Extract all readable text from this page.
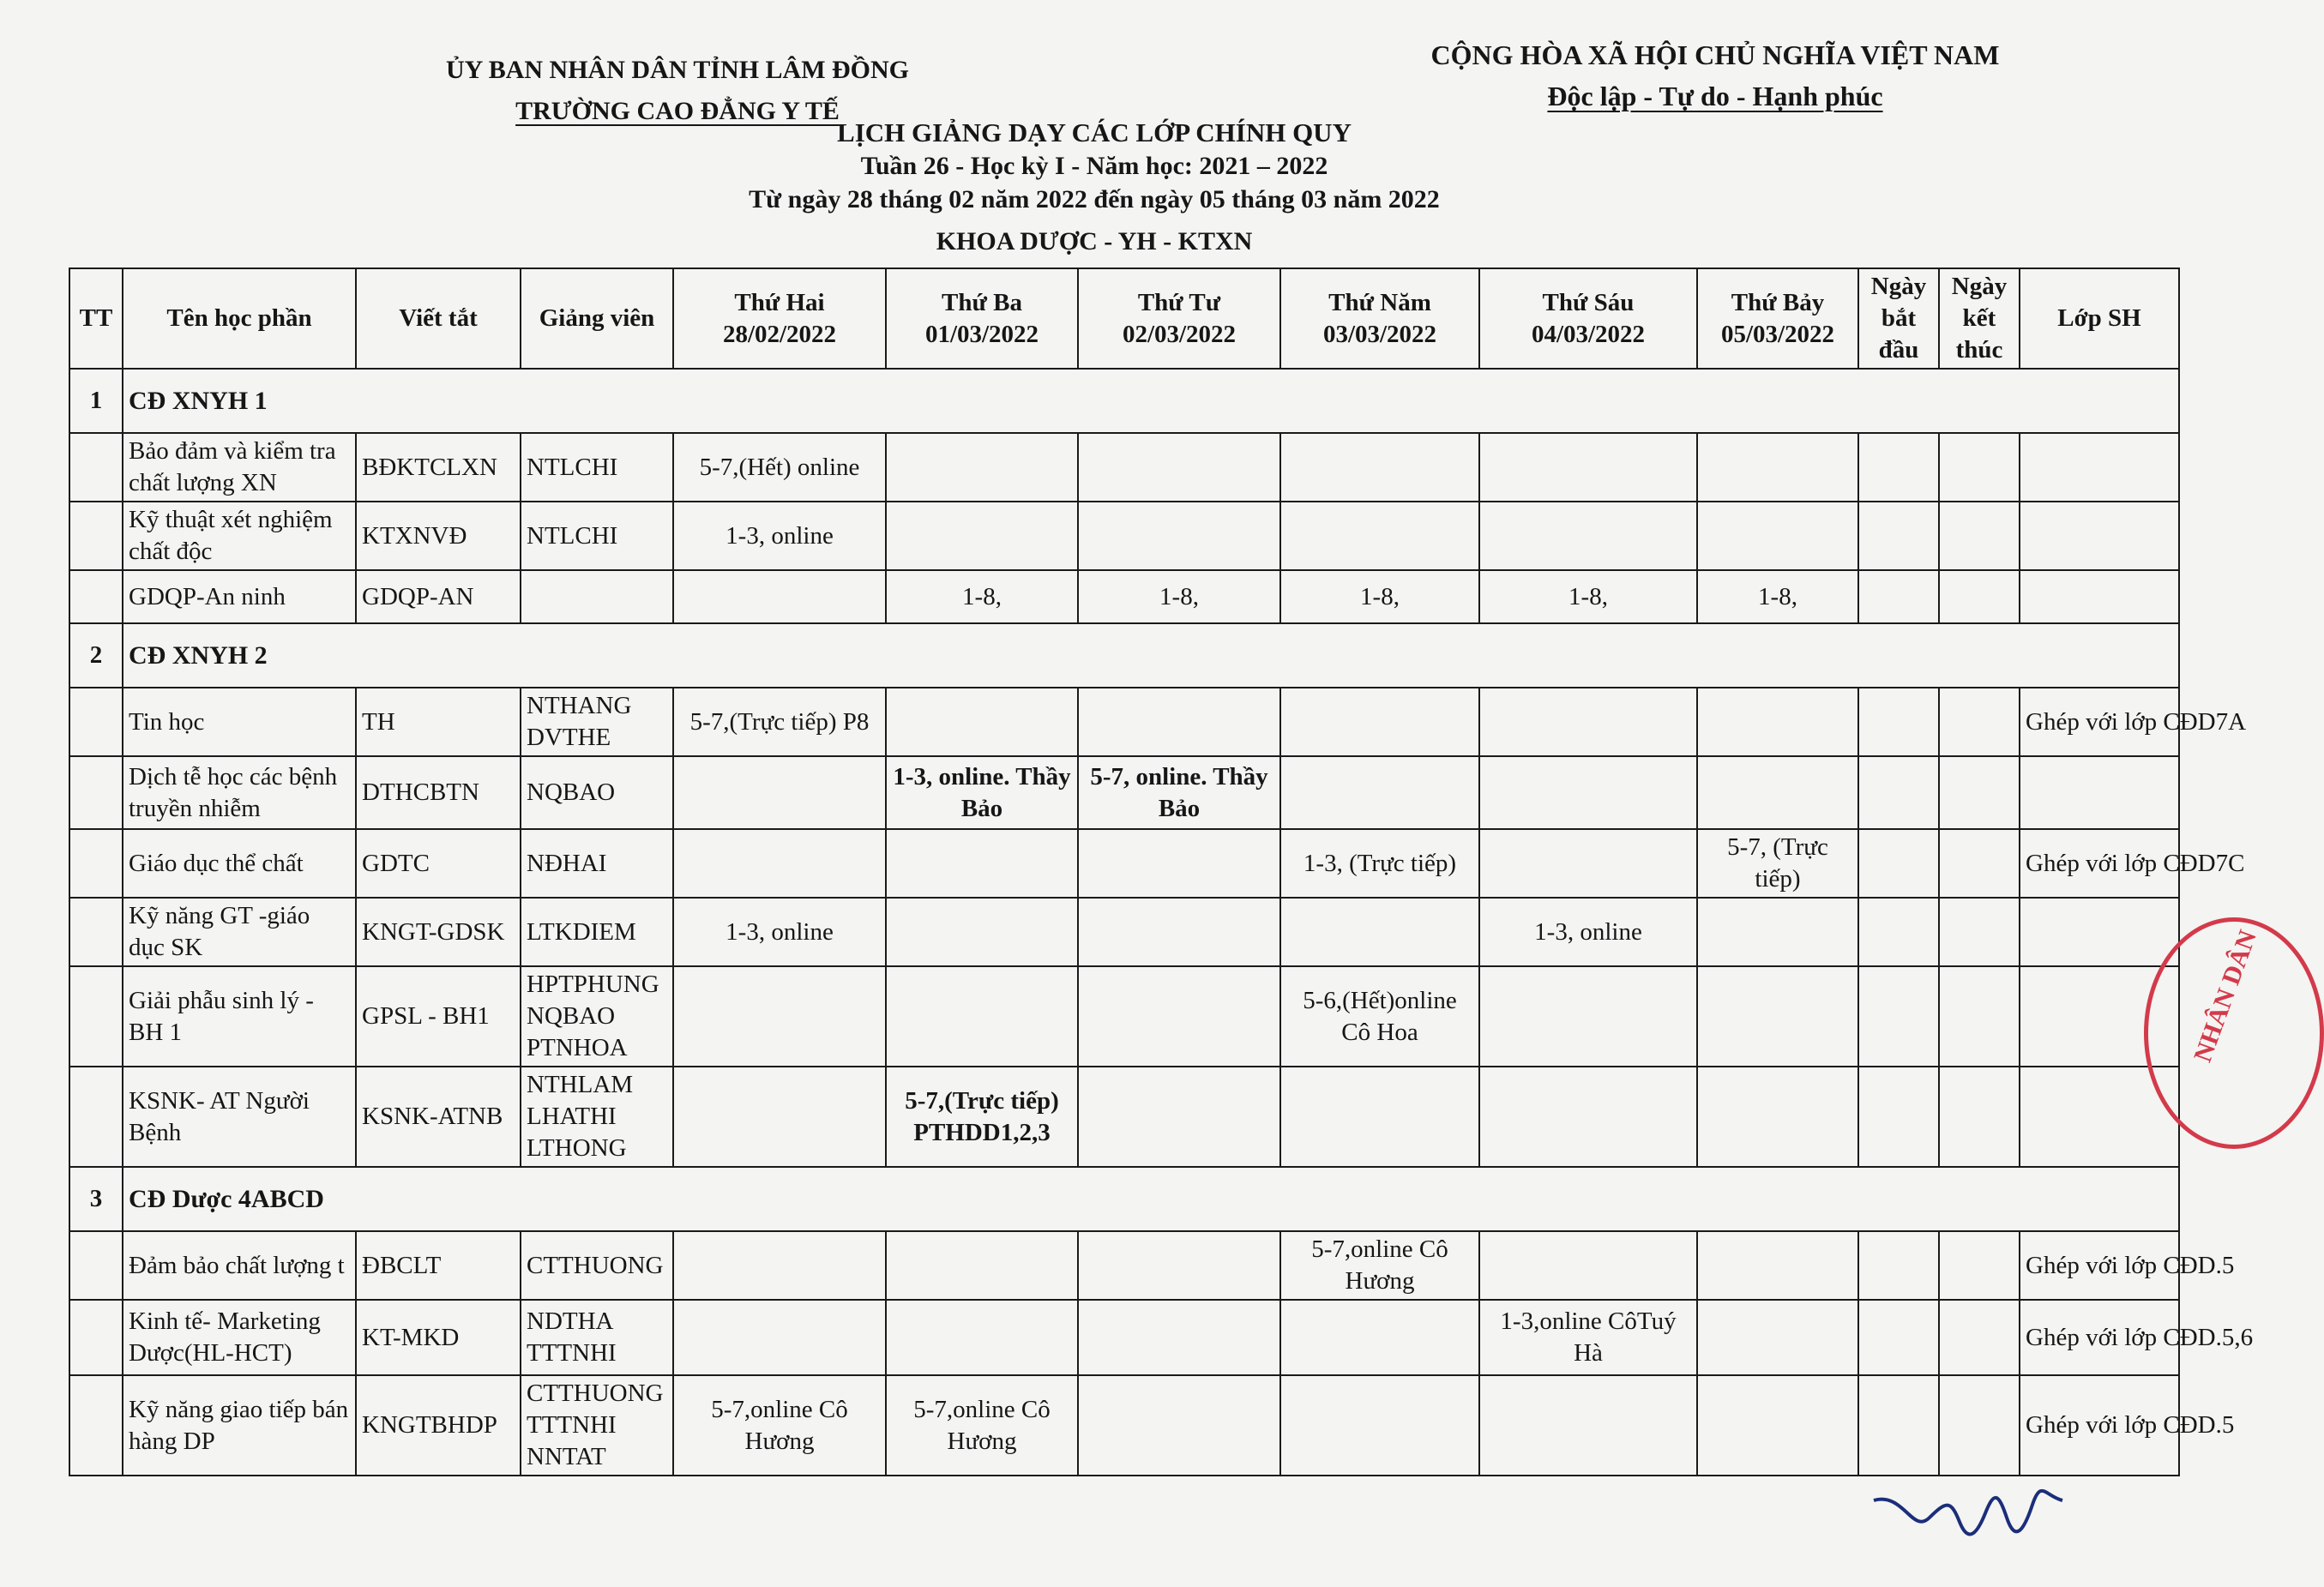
ỦY BAN NHÂN DÂN TỈNH LÂM ĐỒNG
TRƯỜNG CAO ĐẲNG Y TẾ
CỘNG HÒA XÃ HỘI CHỦ NGHĨA VIỆT NAM
Độc lập - Tự do - Hạnh phúc
LỊCH GIẢNG DẠY CÁC LỚP CHÍNH QUY
Tuần 26 - Học kỳ I - Năm học: 2021 – 2022
Từ ngày 28 tháng 02 năm 2022 đến ngày 05 tháng 03 năm 2022
KHOA DƯỢC - YH - KTXN
TT	Tên học phần	Viết tắt	Giảng viên	Thứ Hai 28/02/2022	Thứ Ba 01/03/2022	Thứ Tư 02/03/2022	Thứ Năm 03/03/2022	Thứ Sáu 04/03/2022	Thứ Bảy 05/03/2022	Ngày bắt đầu	Ngày kết thúc	Lớp SH
1	CĐ XNYH 1											
	Bảo đảm và kiểm tra chất lượng XN	BĐKTCLXN	NTLCHI	5-7,(Hết) online								
	Kỹ thuật xét nghiệm chất độc	KTXNVĐ	NTLCHI	1-3, online								
	GDQP-An ninh	GDQP-AN			1-8,	1-8,	1-8,	1-8,	1-8,			
2	CĐ XNYH 2											
	Tin học	TH	NTHANG DVTHE	5-7,(Trực tiếp) P8								Ghép với lớp CĐD7A
	Dịch tễ học các bệnh truyền nhiễm	DTHCBTN	NQBAO		1-3, online. Thầy Bảo	5-7, online. Thầy Bảo						
	Giáo dục thể chất	GDTC	NĐHAI				1-3, (Trực tiếp)		5-7, (Trực tiếp)			Ghép với lớp CĐD7C
	Kỹ năng GT -giáo dục SK	KNGT-GDSK	LTKDIEM	1-3, online				1-3, online				
	Giải phẫu sinh lý - BH 1	GPSL - BH1	HPTPHUNG NQBAO PTNHOA				5-6,(Hết)online Cô Hoa					
	KSNK- AT Người Bệnh	KSNK-ATNB	NTHLAM LHATHI LTHONG		5-7,(Trực tiếp) PTHDD1,2,3							
3	CĐ Dược 4ABCD											
	Đảm bảo chất lượng t	ĐBCLT	CTTHUONG				5-7,online Cô Hương					Ghép với lớp CĐD.5
	Kinh tế- Marketing Dược(HL-HCT)	KT-MKD	NDTHA TTTNHI					1-3,online CôTuý Hà				Ghép với lớp CĐD.5,6
	Kỹ năng giao tiếp bán hàng DP	KNGTBHDP	CTTHUONG TTTNHI NNTAT	5-7,online Cô Hương	5-7,online Cô Hương							Ghép với lớp CĐD.5
NHÂN DÂN
